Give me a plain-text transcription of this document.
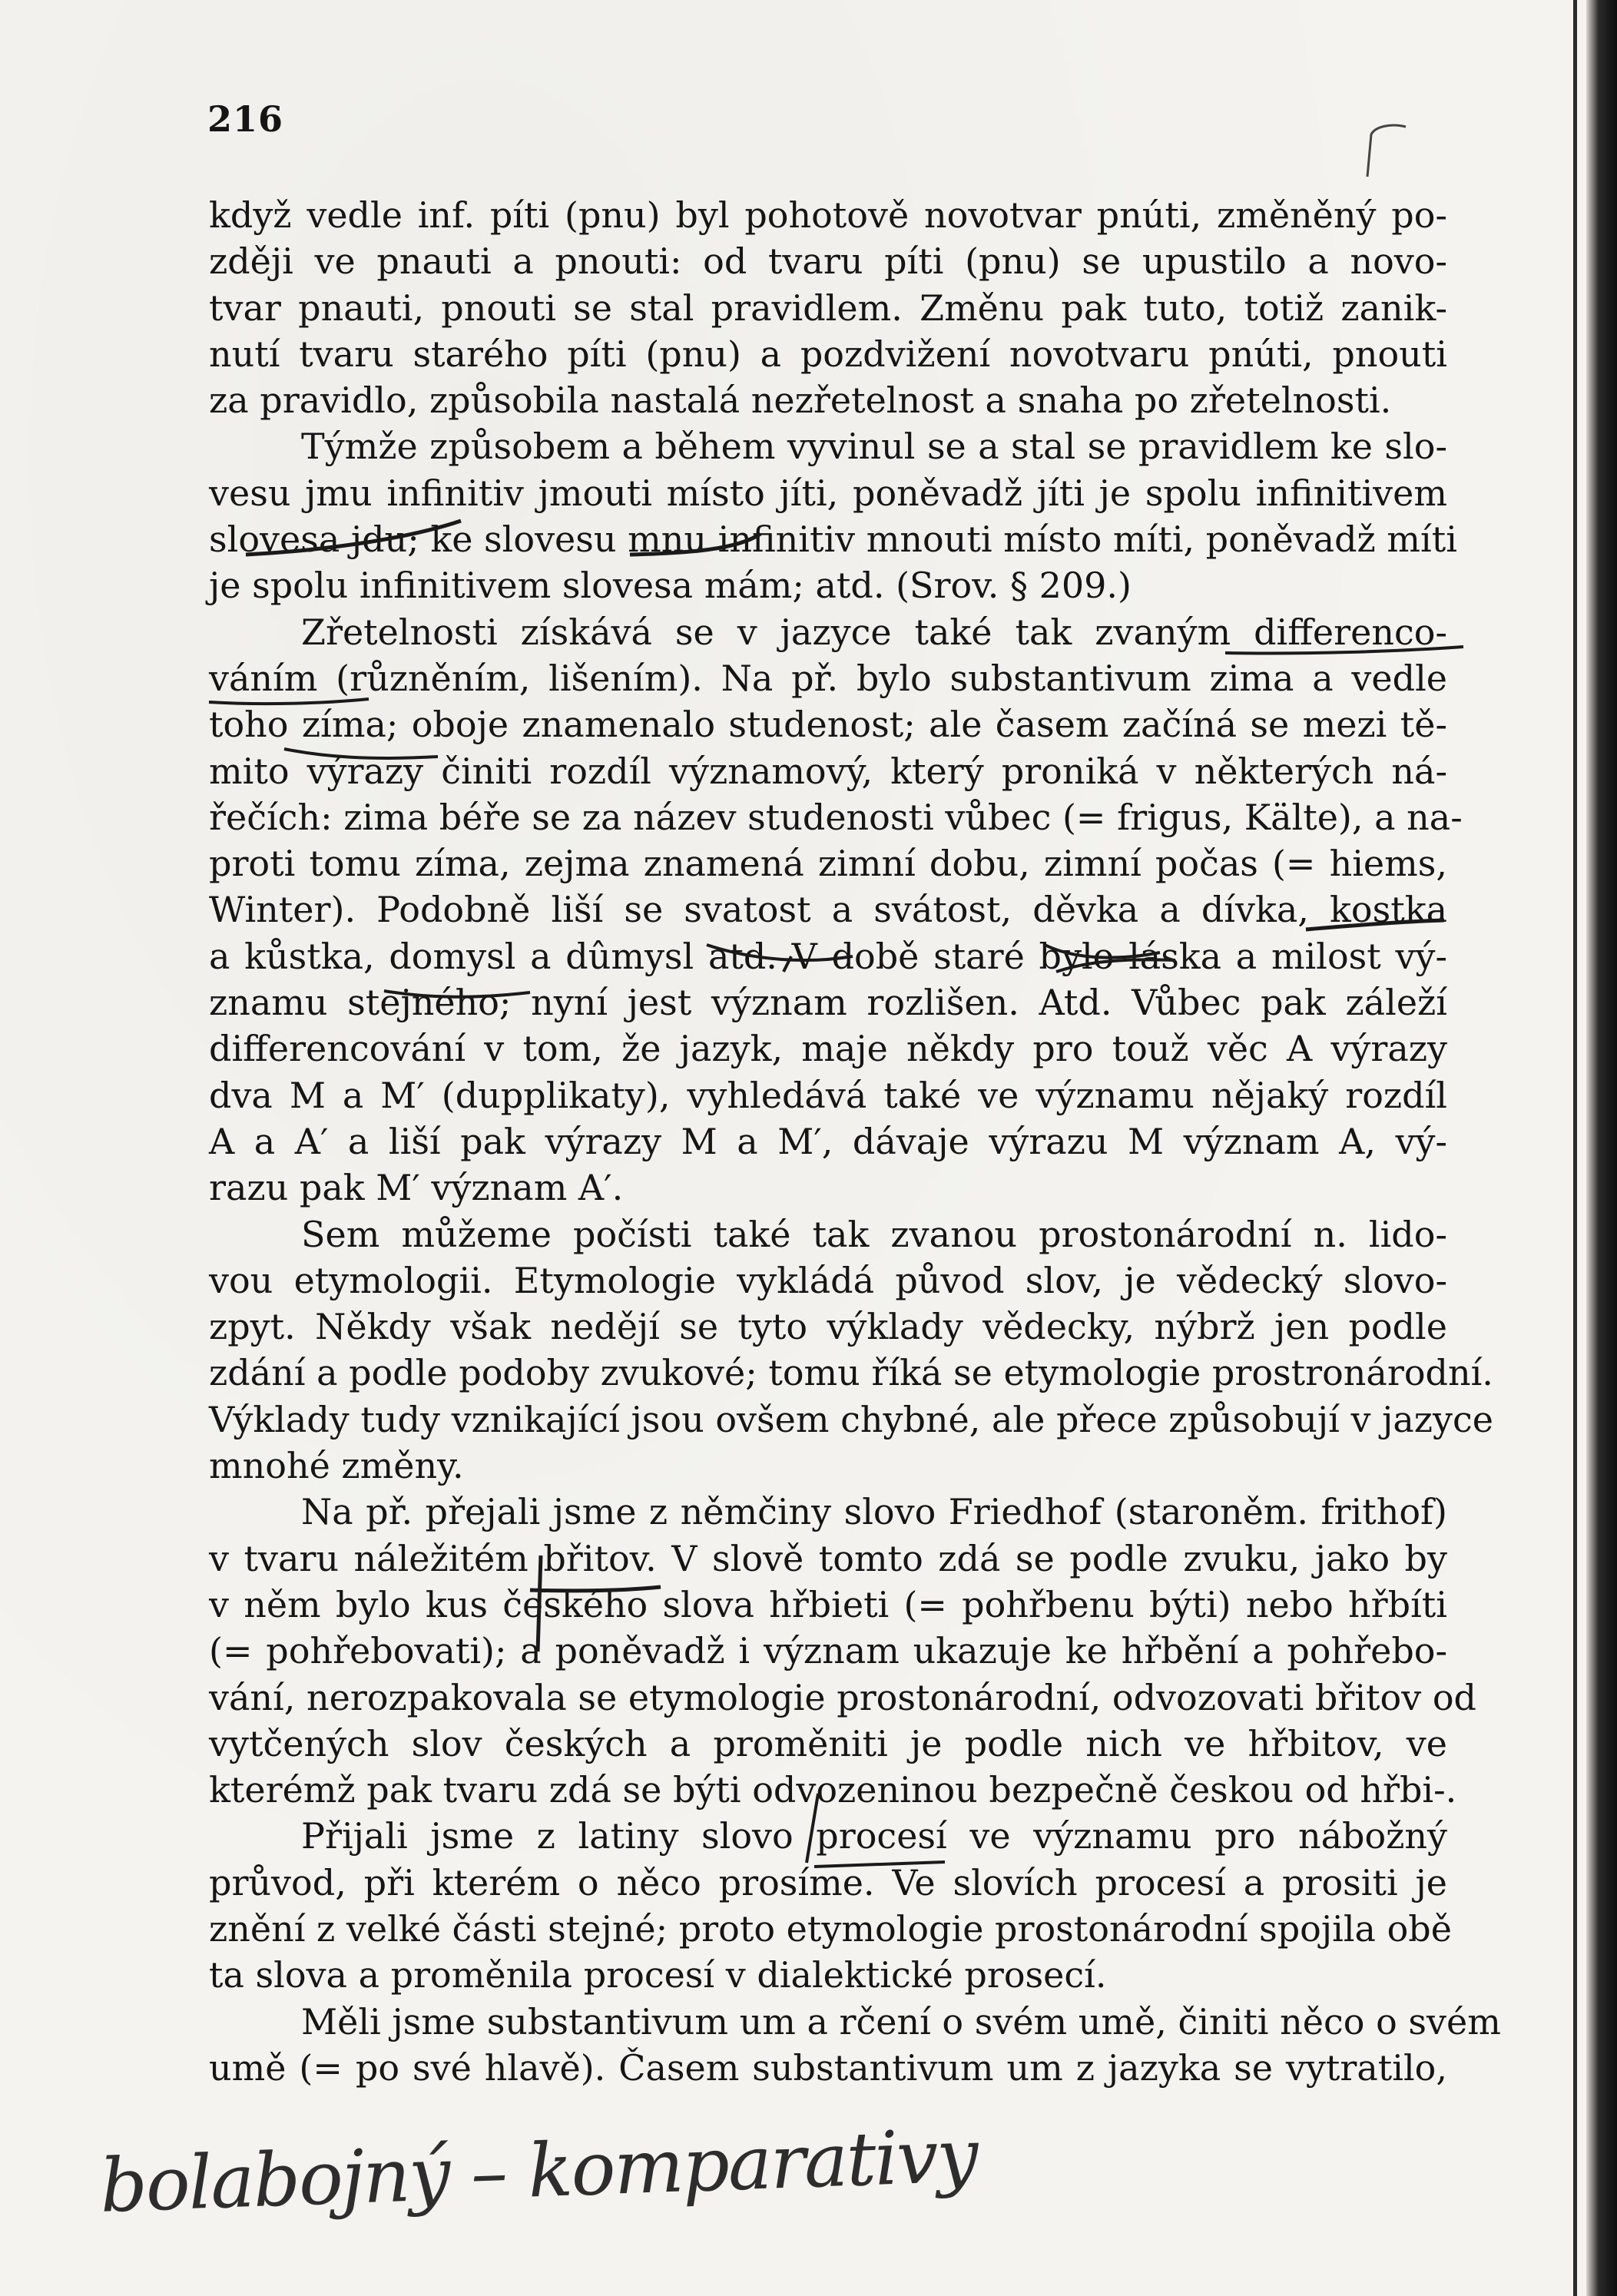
216
když vedle inf. píti (pnu) byl pohotově novotvar pnúti, změněný po-
zději ve pnauti a pnouti: od tvaru píti (pnu) se upustilo a novo-
tvar pnauti, pnouti se stal pravidlem. Změnu pak tuto, totiž zanik-
nutí tvaru starého píti (pnu) a pozdvižení novotvaru pnúti, pnouti
za pravidlo, způsobila nastalá nezřetelnost a snaha po zřetelnosti.
Týmže způsobem a během vyvinul se a stal se pravidlem ke slo-
vesu jmu infinitiv jmouti místo jíti, poněvadž jíti je spolu infinitivem
slovesa jdu; ke slovesu mnu infinitiv mnouti místo míti, poněvadž míti
je spolu infinitivem slovesa mám; atd. (Srov. § 209.)
Zřetelnosti získává se v jazyce také tak zvaným differenco-
váním (různěním, lišením). Na př. bylo substantivum zima a vedle
toho zíma; oboje znamenalo studenost; ale časem začíná se mezi tě-
mito výrazy činiti rozdíl významový, který proniká v některých ná-
řečích: zima béře se za název studenosti vůbec (= frigus, Kälte), a na-
proti tomu zíma, zejma znamená zimní dobu, zimní počas (= hiems,
Winter). Podobně liší se svatost a svátost, děvka a dívka, kostka
a kůstka, domysl a dûmysl atd. V době staré bylo láska a milost vý-
znamu stejného; nyní jest význam rozlišen. Atd. Vůbec pak záleží
differencování v tom, že jazyk, maje někdy pro touž věc A výrazy
dva M a M′ (dupplikaty), vyhledává také ve významu nějaký rozdíl
A a A′ a liší pak výrazy M a M′, dávaje výrazu M význam A, vý-
razu pak M′ význam A′.
Sem můžeme počísti také tak zvanou prostonárodní n. lido-
vou etymologii. Etymologie vykládá původ slov, je vědecký slovo-
zpyt. Někdy však nedějí se tyto výklady vědecky, nýbrž jen podle
zdání a podle podoby zvukové; tomu říká se etymologie prostronárodní.
Výklady tudy vznikající jsou ovšem chybné, ale přece způsobují v jazyce
mnohé změny.
Na př. přejali jsme z němčiny slovo Friedhof (staroněm. frithof)
v tvaru náležitém břitov. V slově tomto zdá se podle zvuku, jako by
v něm bylo kus českého slova hřbieti (= pohřbenu býti) nebo hřbíti
(= pohřebovati); a poněvadž i význam ukazuje ke hřbění a pohřebo-
vání, nerozpakovala se etymologie prostonárodní, odvozovati břitov od
vytčených slov českých a proměniti je podle nich ve hřbitov, ve
kterémž pak tvaru zdá se býti odvozeninou bezpečně českou od hřbi-.
Přijali jsme z latiny slovo procesí ve významu pro nábožný
průvod, při kterém o něco prosíme. Ve slovích procesí a prositi je
znění z velké části stejné; proto etymologie prostonárodní spojila obě
ta slova a proměnila procesí v dialektické prosecí.
Měli jsme substantivum um a rčení o svém umě, činiti něco o svém
umě (= po své hlavě). Časem substantivum um z jazyka se vytratilo,
bolabojný – komparativy
